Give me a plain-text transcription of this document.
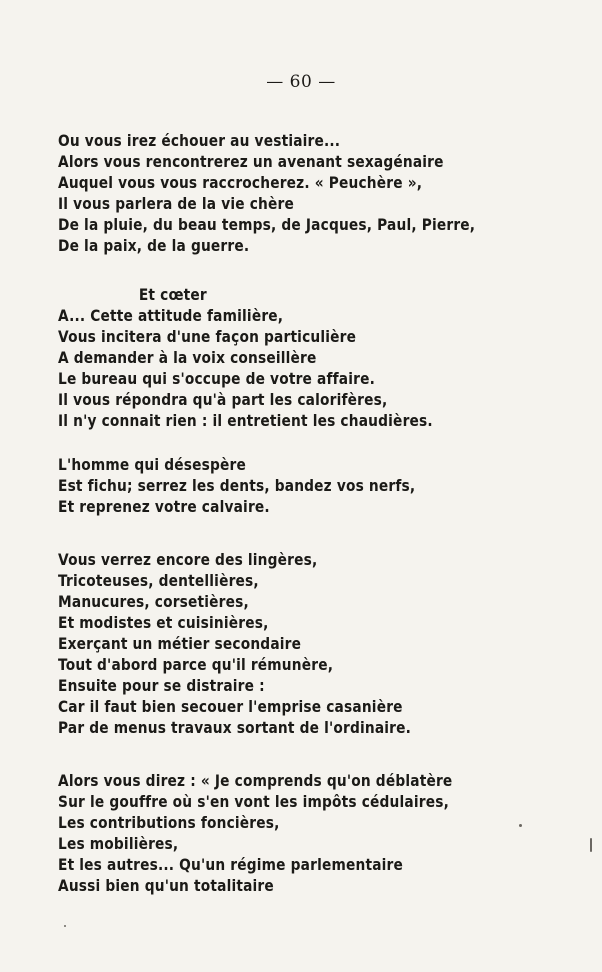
— 60 —
Ou vous irez échouer au vestiaire...
Alors vous rencontrerez un avenant sexagénaire
Auquel vous vous raccrocherez. « Peuchère »,
Il vous parlera de la vie chère
De la pluie, du beau temps, de Jacques, Paul, Pierre,
De la paix, de la guerre.
Et cœter
A... Cette attitude familière,
Vous incitera d'une façon particulière
A demander à la voix conseillère
Le bureau qui s'occupe de votre affaire.
Il vous répondra qu'à part les calorifères,
Il n'y connait rien : il entretient les chaudières.
L'homme qui désespère
Est fichu; serrez les dents, bandez vos nerfs,
Et reprenez votre calvaire.
Vous verrez encore des lingères,
Tricoteuses, dentellières,
Manucures, corsetières,
Et modistes et cuisinières,
Exerçant un métier secondaire
Tout d'abord parce qu'il rémunère,
Ensuite pour se distraire :
Car il faut bien secouer l'emprise casanière
Par de menus travaux sortant de l'ordinaire.
Alors vous direz : « Je comprends qu'on déblatère
Sur le gouffre où s'en vont les impôts cédulaires,
Les contributions foncières,
Les mobilières,
Et les autres... Qu'un régime parlementaire
Aussi bien qu'un totalitaire
